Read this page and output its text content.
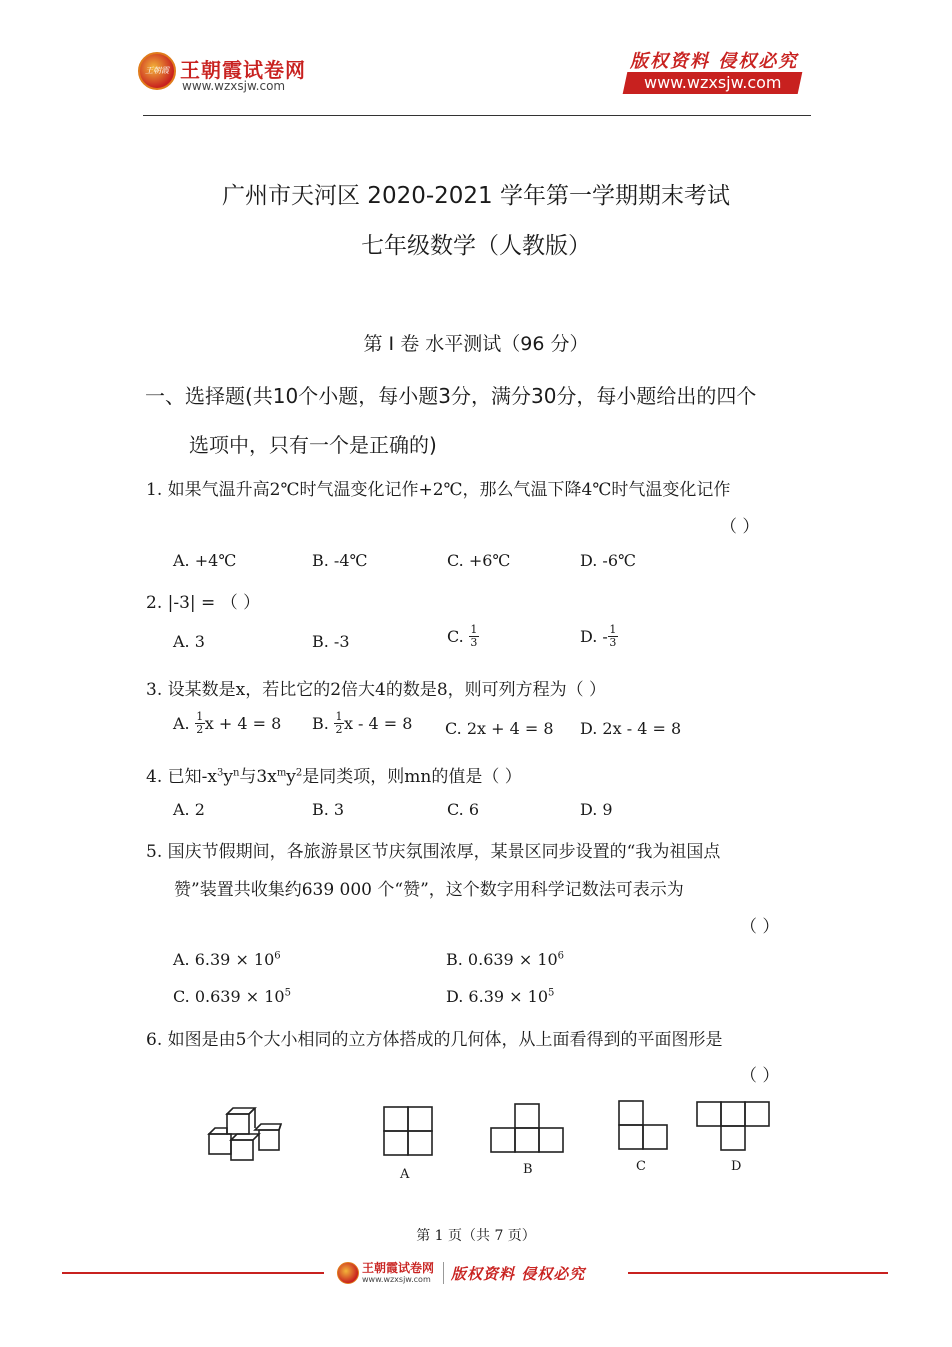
王朝霞 王朝霞试卷网
www.wzxsjw.com
版权资料 侵权必究
www.wzxsjw.com
广州市天河区 2020-2021 学年第一学期期末考试
七年级数学（人教版）
第 Ⅰ 卷 水平测试（96 分）
一、选择题(共10个小题，每小题3分，满分30分，每小题给出的四个
选项中，只有一个是正确的)
1. 如果气温升高2℃时气温变化记作+2℃，那么气温下降4℃时气温变化记作
（ ）
A. +4℃	B. -4℃	C. +6℃	D. -6℃
2. |-3| = （ ）
A. 3	B. -3	C.
$\frac{1}{3}$	D. - $\frac{1}{3}$
3. 设某数是x，若比它的2倍大4的数是8，则可列方程为（ ）
A.
$\frac{1}{2}$ x + 4 = 8 B.
$\frac{1}{2}$ x - 4 = 8 C. 2x + 4 = 8 D. 2x - 4 = 8
4. 已知$-x^3y^n$与$3x^my^2$是同类项，则mn的值是（ ）
A. 2	B. 3	C. 6	D. 9
5. 国庆节假期间，各旅游景区节庆氛围浓厚，某景区同步设置的“我为祖国点
赞”装置共收集约639 000 个“赞”，这个数字用科学记数法可表示为
（ ）
A. $6.39 \times 10^6$	B. $0.639 \times 10^6$
C. $0.639 \times 10^5$	D. $6.39 \times 10^5$
6. 如图是由5个大小相同的立方体搭成的几何体，从上面看得到的平面图形是
（ ）
A	B	C	D
第 1 页（共 7 页）
王朝霞试卷网
www.wzxsjw.com 版权资料 侵权必究
